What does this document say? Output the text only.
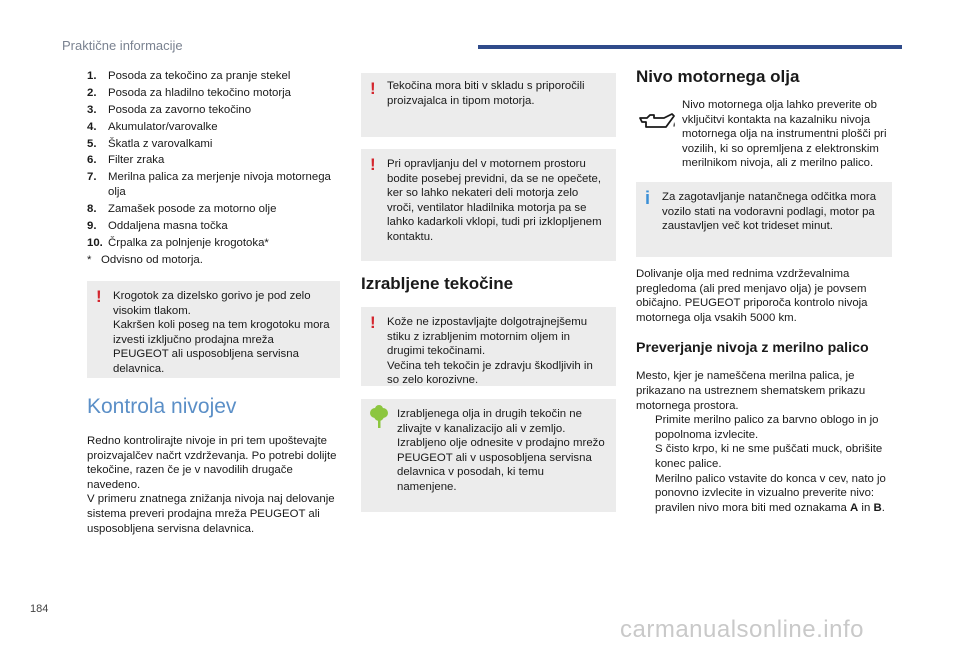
Praktične informacije
1.	Posoda za tekočino za pranje stekel
2.	Posoda za hladilno tekočino motorja
3.	Posoda za zavorno tekočino
4.	Akumulator/varovalke
5.	Škatla z varovalkami
6.	Filter zraka
7.	Merilna palica za merjenje nivoja motornega olja
8.	Zamašek posode za motorno olje
9.	Oddaljena masna točka
10. Črpalka za polnjenje krogotoka*
* Odvisno od motorja.
! Krogotok za dizelsko gorivo je pod zelo visokim tlakom.
Kakršen koli poseg na tem krogotoku mora izvesti izključno prodajna mreža PEUGEOT ali usposobljena servisna delavnica.

Kontrola nivojev

Redno kontrolirajte nivoje in pri tem upoštevajte proizvajalčev načrt vzdrževanja. Po potrebi dolijte tekočine, razen če je v navodilih drugače navedeno.
V primeru znatnega znižanja nivoja naj delovanje sistema preveri prodajna mreža PEUGEOT ali usposobljena servisna delavnica.

! Tekočina mora biti v skladu s priporočili proizvajalca in tipom motorja.

! Pri opravljanju del v motornem prostoru bodite posebej previdni, da se ne opečete, ker so lahko nekateri deli motorja zelo vroči, ventilator hladilnika motorja pa se lahko kadarkoli vklopi, tudi pri izklopljenem kontaktu.

Izrabljene tekočine
! Kože ne izpostavljajte dolgotrajnejšemu stiku z izrabljenim motornim oljem in drugimi tekočinami.
Večina teh tekočin je zdravju škodljivih in so zelo korozivne.

Izrabljenega olja in drugih tekočin ne zlivajte v kanalizacijo ali v zemljo.
Izrabljeno olje odnesite v prodajno mrežo PEUGEOT ali v usposobljena servisna delavnica v posodah, ki temu namenjene.

Nivo motornega olja

Nivo motornega olja lahko preverite ob vključitvi kontakta na kazalniku nivoja motornega olja na instrumentni plošči pri vozilih, ki so opremljena z elektronskim merilnikom nivoja, ali z merilno palico.

i Za zagotavljanje natančnega odčitka mora vozilo stati na vodoravni podlagi, motor pa zaustavljen več kot trideset minut.

Dolivanje olja med rednima vzdrževalnima pregledoma (ali pred menjavo olja) je povsem običajno. PEUGEOT priporoča kontrolo nivoja motornega olja vsakih 5000 km.

Preverjanje nivoja z merilno palico

Mesto, kjer je nameščena merilna palica, je prikazano na ustreznem shematskem prikazu motornega prostora.

Primite merilno palico za barvno oblogo in jo popolnoma izvlecite.
S čisto krpo, ki ne sme puščati muck, obrišite konec palice.
Merilno palico vstavite do konca v cev, nato jo ponovno izvlecite in vizualno preverite nivo: pravilen nivo mora biti med oznakama A in B.
184
carmanualsonline.info
